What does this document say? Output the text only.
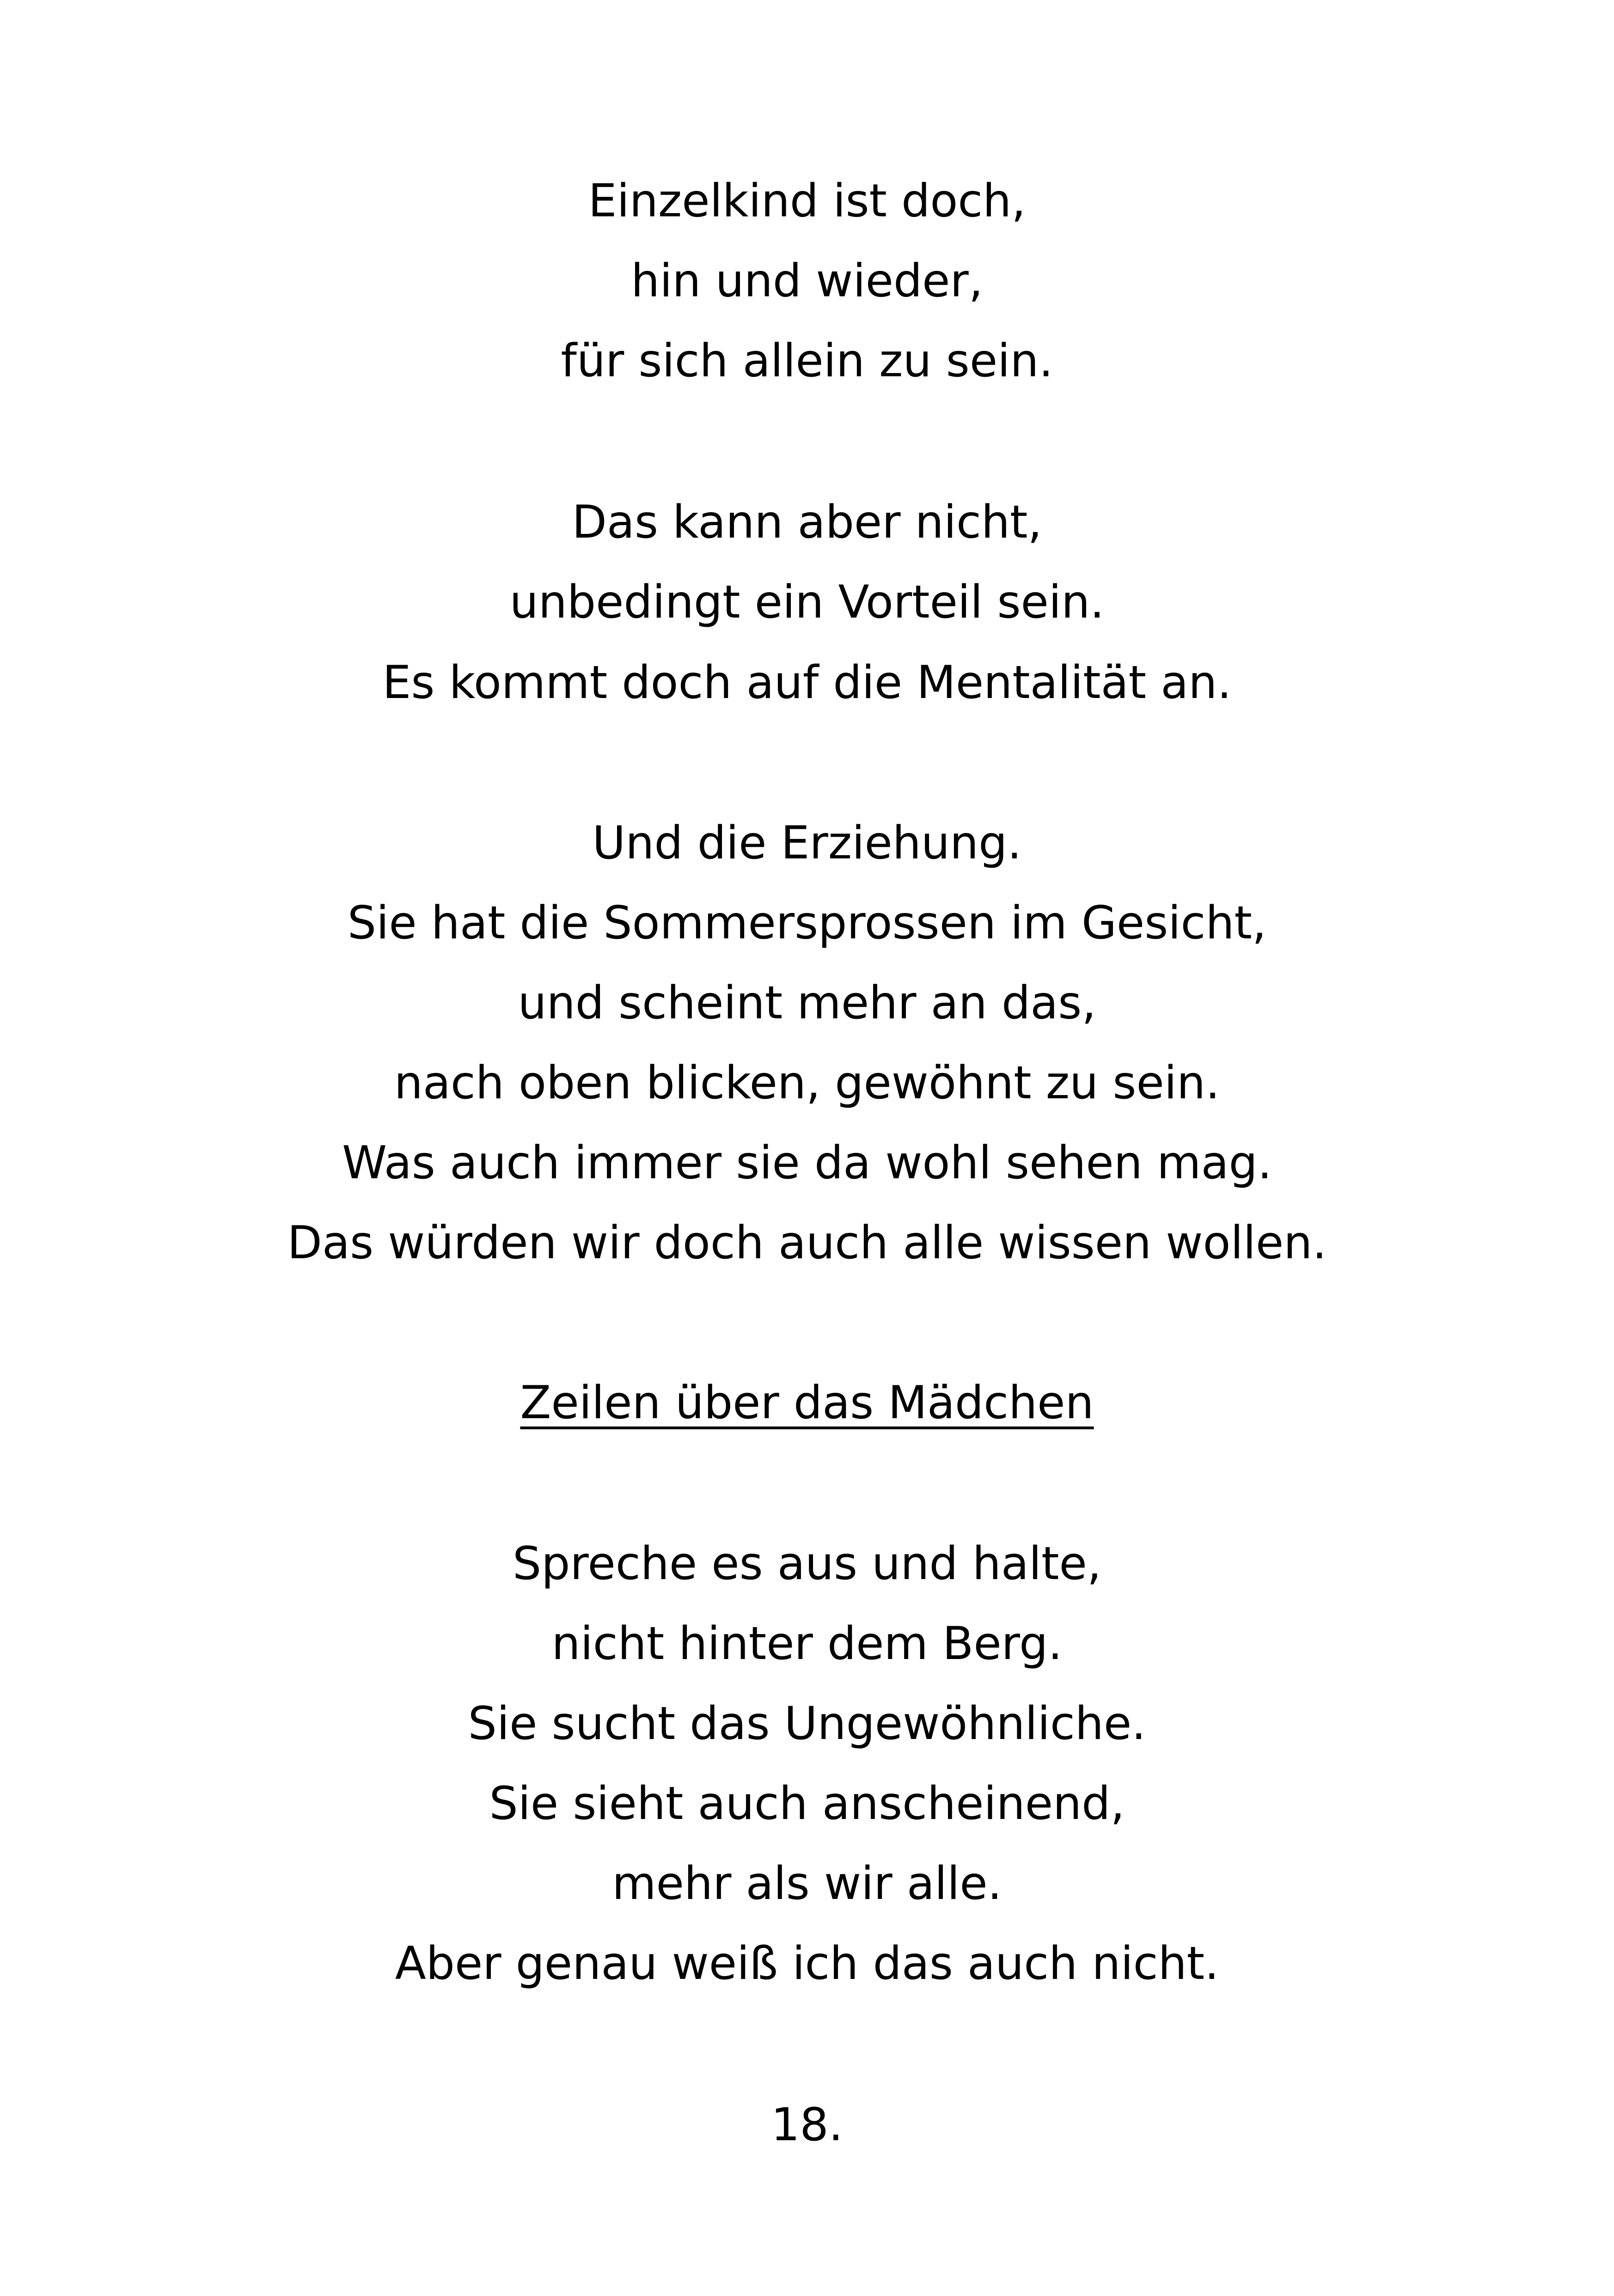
Einzelkind ist doch,
hin und wieder,
für sich allein zu sein.
Das kann aber nicht,
unbedingt ein Vorteil sein.
Es kommt doch auf die Mentalität an.
Und die Erziehung.
Sie hat die Sommersprossen im Gesicht,
und scheint mehr an das,
nach oben blicken, gewöhnt zu sein.
Was auch immer sie da wohl sehen mag.
Das würden wir doch auch alle wissen wollen.
Zeilen über das Mädchen
Spreche es aus und halte,
nicht hinter dem Berg.
Sie sucht das Ungewöhnliche.
Sie sieht auch anscheinend,
mehr als wir alle.
Aber genau weiß ich das auch nicht.
18.
